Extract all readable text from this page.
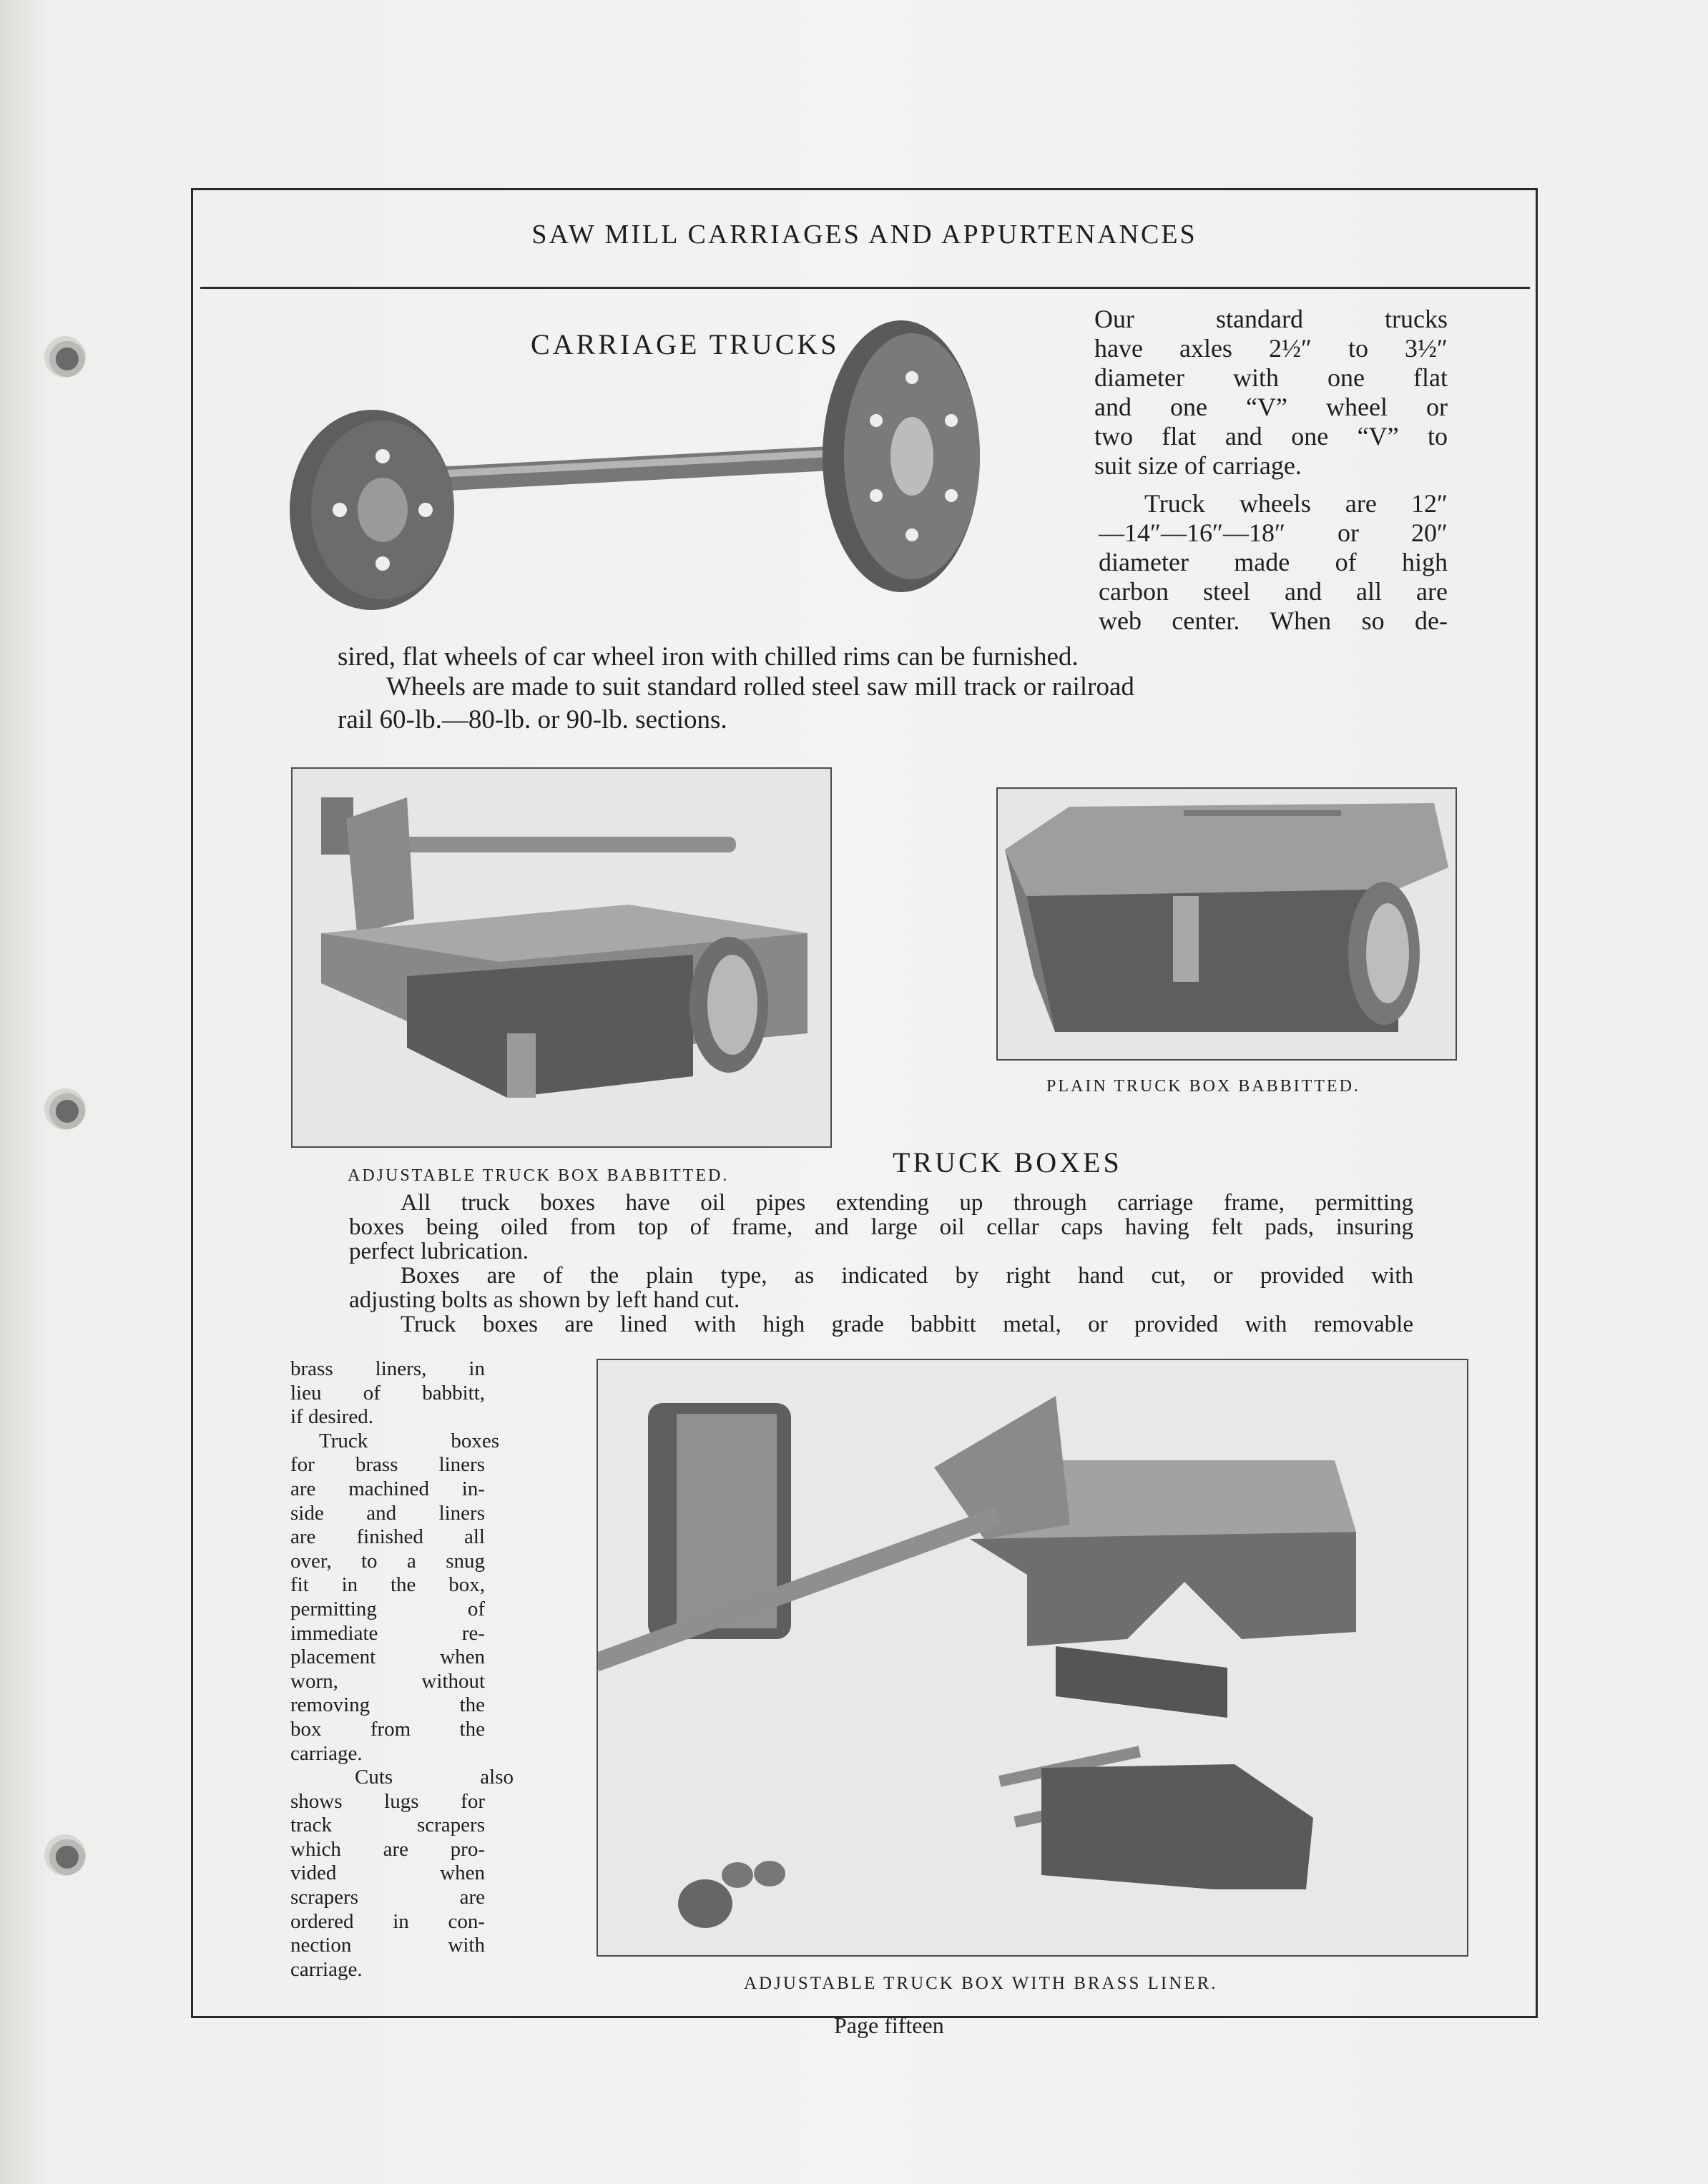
SAW MILL CARRIAGES AND APPURTENANCES
CARRIAGE TRUCKS
Our standard trucks
have axles 2½″ to 3½″
diameter with one flat
and one “V” wheel or
two flat and one “V” to
suit size of carriage.
Truck wheels are 12″
—14″—16″—18″ or 20″
diameter made of high
carbon steel and all are
web center. When so de-
sired, flat wheels of car wheel iron with chilled rims can be furnished.
Wheels are made to suit standard rolled steel saw mill track or railroad
rail 60-lb.—80-lb. or 90-lb. sections.
PLAIN TRUCK BOX BABBITTED.
ADJUSTABLE TRUCK BOX BABBITTED.	TRUCK BOXES
All truck boxes have oil pipes extending up through carriage frame, permitting
boxes being oiled from top of frame, and large oil cellar caps having felt pads, insuring
perfect lubrication.
Boxes are of the plain type, as indicated by right hand cut, or provided with
adjusting bolts as shown by left hand cut.
Truck boxes are lined with high grade babbitt metal, or provided with removable
brass liners, in
lieu of babbitt,
if desired.
Truck boxes
for brass liners
are machined in-
side and liners
are finished all
over, to a snug
fit in the box,
permitting of
immediate re-
placement when
worn, without
removing the
box from the
carriage.
Cuts also
shows lugs for
track scrapers
which are pro-
vided when
scrapers are
ordered in con-
nection with
carriage.
ADJUSTABLE TRUCK BOX WITH BRASS LINER.
Page fifteen
